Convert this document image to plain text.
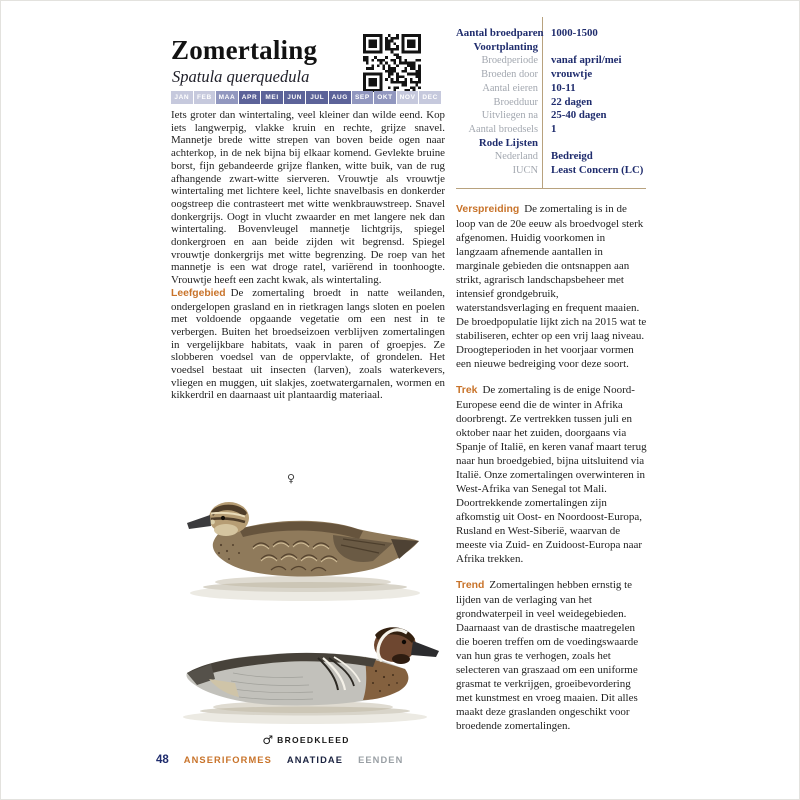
Zomertaling
Spatula querquedula
JAN	FEB	MAA	APR	MEI	JUN	JUL	AUG	SEP	OKT	NOV	DEC

Iets groter dan wintertaling, veel kleiner dan wilde eend. Kop iets langwerpig, vlakke kruin en rechte, grijze snavel. Mannetje brede witte strepen van boven beide ogen naar achterkop, in de nek bijna bij elkaar komend. Gevlekte bruine borst, fijn gebandeerde grijze flanken, witte buik, van de rug afhangende zwart-witte sierveren. Vrouwtje als vrouwtje wintertaling met lichtere keel, lichte snavelbasis en donkerder oogstreep die contrasteert met witte wenkbrauwstreep. Snavel donkergrijs. Oogt in vlucht zwaarder en met langere nek dan wintertaling. Bovenvleugel mannetje lichtgrijs, spiegel donkergroen en aan beide zijden wit begrensd. Spiegel vrouwtje donkergrijs met witte begrenzing. De roep van het mannetje is een wat droge ratel, variërend in toonhoogte. Vrouwtje heeft een zacht kwak, als wintertaling.

Leefgebied De zomertaling broedt in natte weilanden, ondergelopen grasland en in rietkragen langs sloten en poelen met voldoende opgaande vegetatie om een nest in te verbergen. Buiten het broedseizoen verblijven zomertalingen in vergelijkbare habitats, vaak in paren of groepjes. Ze slobberen voedsel van de oppervlakte, of grondelen. Het voedsel bestaat uit insecten (larven), zoals waterkevers, vliegen en muggen, uit slakjes, zoetwatergarnalen, wormen en kikkerdril en daarnaast uit plantaardig materiaal.

♀
♂ BROEDKLEED
Aantal broedparen 1000-1500
Voortplanting
Broedperiode vanaf april/mei
Broeden door vrouwtje
Aantal eieren 10-11
Broedduur 22 dagen
Uitvliegen na 25-40 dagen
Aantal broedsels 1
Rode Lijsten
Nederland Bedreigd
IUCN Least Concern (LC)

Verspreiding De zomertaling is in de loop van de 20e eeuw als broedvogel sterk afgenomen. Huidig voorkomen in langzaam afnemende aantallen in marginale gebieden die ontsnappen aan strikt, agrarisch landschapsbeheer met intensief grondgebruik, waterstandsverlaging en frequent maaien. De broedpopulatie lijkt zich na 2015 wat te stabiliseren, echter op een vrij laag niveau. Droogteperioden in het voorjaar vormen een nieuwe bedreiging voor deze soort.

Trek De zomertaling is de enige Noord-Europese eend die de winter in Afrika doorbrengt. Ze vertrekken tussen juli en oktober naar het zuiden, doorgaans via Spanje of Italië, en keren vanaf maart terug naar hun broedgebied, bijna uitsluitend via Italië. Onze zomertalingen overwinteren in West-Afrika van Senegal tot Mali. Doortrekkende zomertalingen zijn afkomstig uit Oost- en Noordoost-Europa, Rusland en West-Siberië, waarvan de meeste via Zuid- en Zuidoost-Europa naar Afrika trekken.

Trend Zomertalingen hebben ernstig te lijden van de verlaging van het grondwaterpeil in veel weidegebieden. Daarnaast van de drastische maatregelen die boeren treffen om de voedingswaarde van hun gras te verhogen, zoals het selecteren van graszaad om een uniforme grasmat te verkrijgen, groeibevordering met kunstmest en vroeg maaien. Dit alles maakt deze graslanden ongeschikt voor broedende zomertalingen.

48 ANSERIFORMES ANATIDAE EENDEN
